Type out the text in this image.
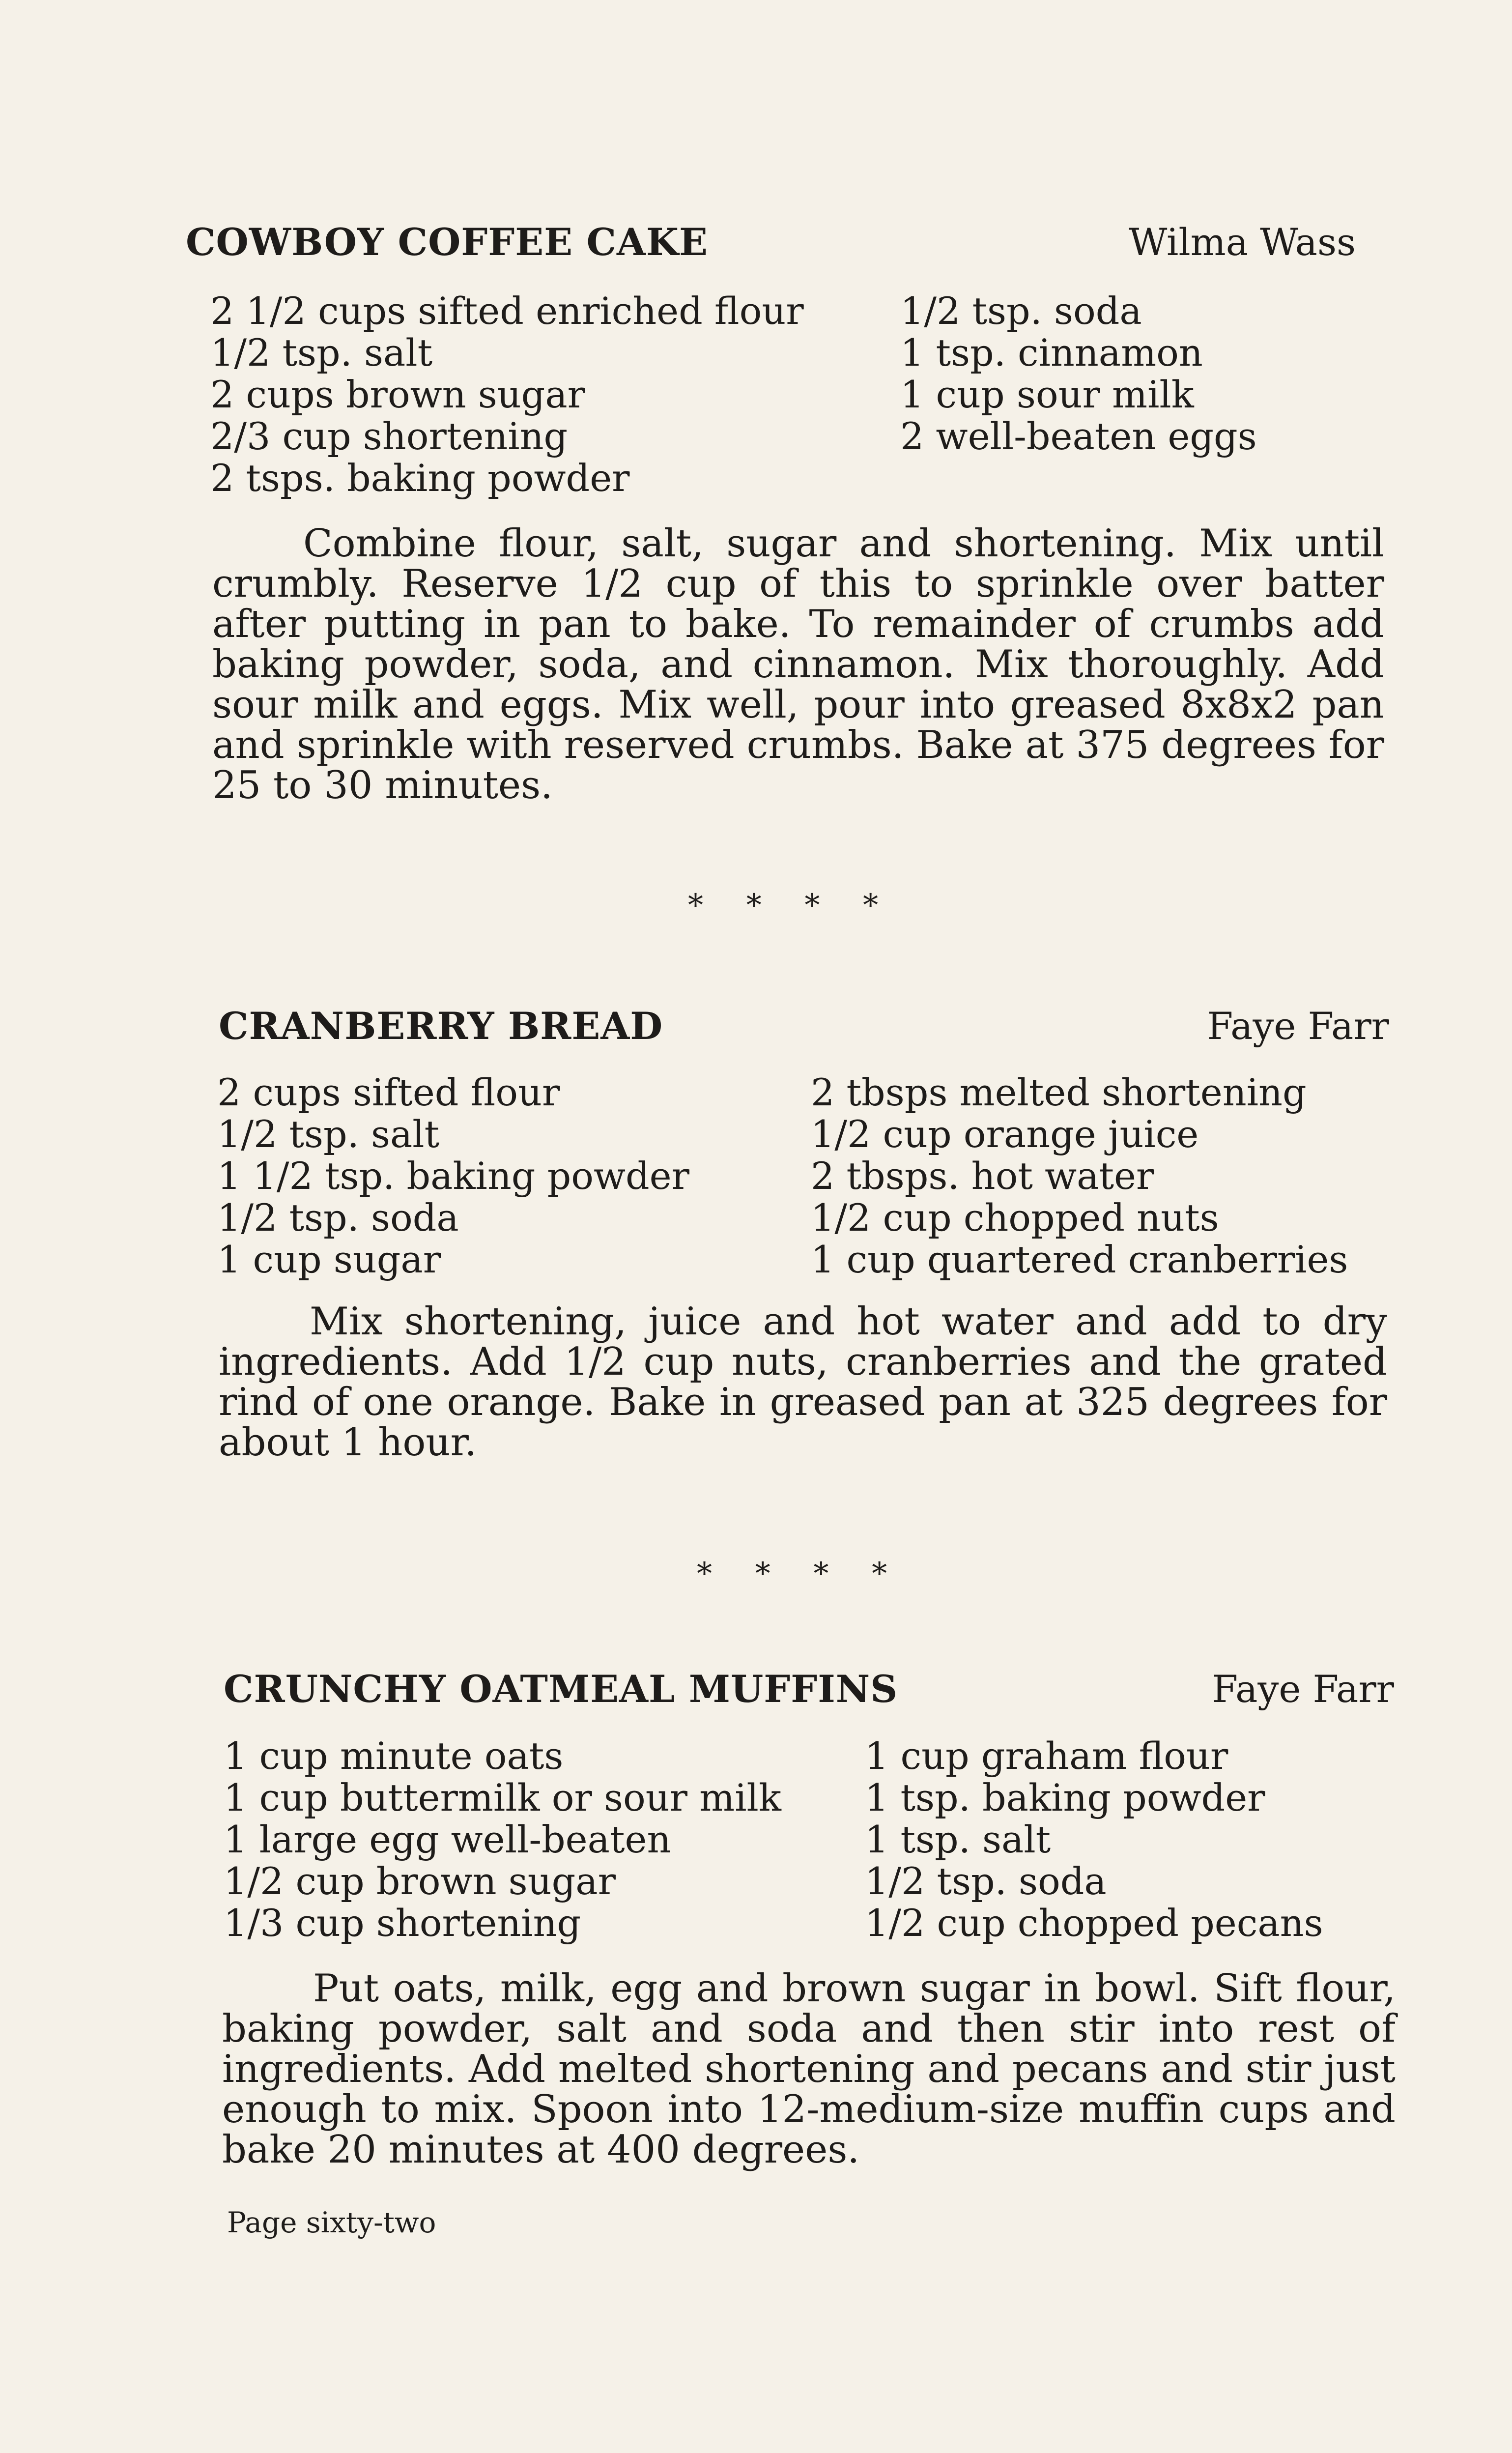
COWBOY COFFEE CAKE	Wilma Wass
2 1/2 cups sifted enriched flour
1/2 tsp. salt
2 cups brown sugar
2/3 cup shortening
2 tsps. baking powder
1/2 tsp. soda
1 tsp. cinnamon
1 cup sour milk
2 well-beaten eggs

Combine flour, salt, sugar and shortening. Mix until crumbly. Reserve 1/2 cup of this to sprinkle over batter after putting in pan to bake. To remainder of crumbs add baking powder, soda, and cinnamon. Mix thoroughly. Add sour milk and eggs. Mix well, pour into greased 8x8x2 pan and sprinkle with reserved crumbs. Bake at 375 degrees for 25 to 30 minutes.

* * * *
CRANBERRY BREAD	Faye Farr
2 cups sifted flour
1/2 tsp. salt
1 1/2 tsp. baking powder
1/2 tsp. soda
1 cup sugar
2 tbsps melted shortening
1/2 cup orange juice
2 tbsps. hot water
1/2 cup chopped nuts
1 cup quartered cranberries

Mix shortening, juice and hot water and add to dry ingredients. Add 1/2 cup nuts, cranberries and the grated rind of one orange. Bake in greased pan at 325 degrees for about 1 hour.

* * * *
CRUNCHY OATMEAL MUFFINS	Faye Farr
1 cup minute oats
1 cup buttermilk or sour milk
1 large egg well-beaten
1/2 cup brown sugar
1/3 cup shortening
1 cup graham flour
1 tsp. baking powder
1 tsp. salt
1/2 tsp. soda
1/2 cup chopped pecans

Put oats, milk, egg and brown sugar in bowl. Sift flour, baking powder, salt and soda and then stir into rest of ingredients. Add melted shortening and pecans and stir just enough to mix. Spoon into 12-medium-size muffin cups and bake 20 minutes at 400 degrees.

Page sixty-two
